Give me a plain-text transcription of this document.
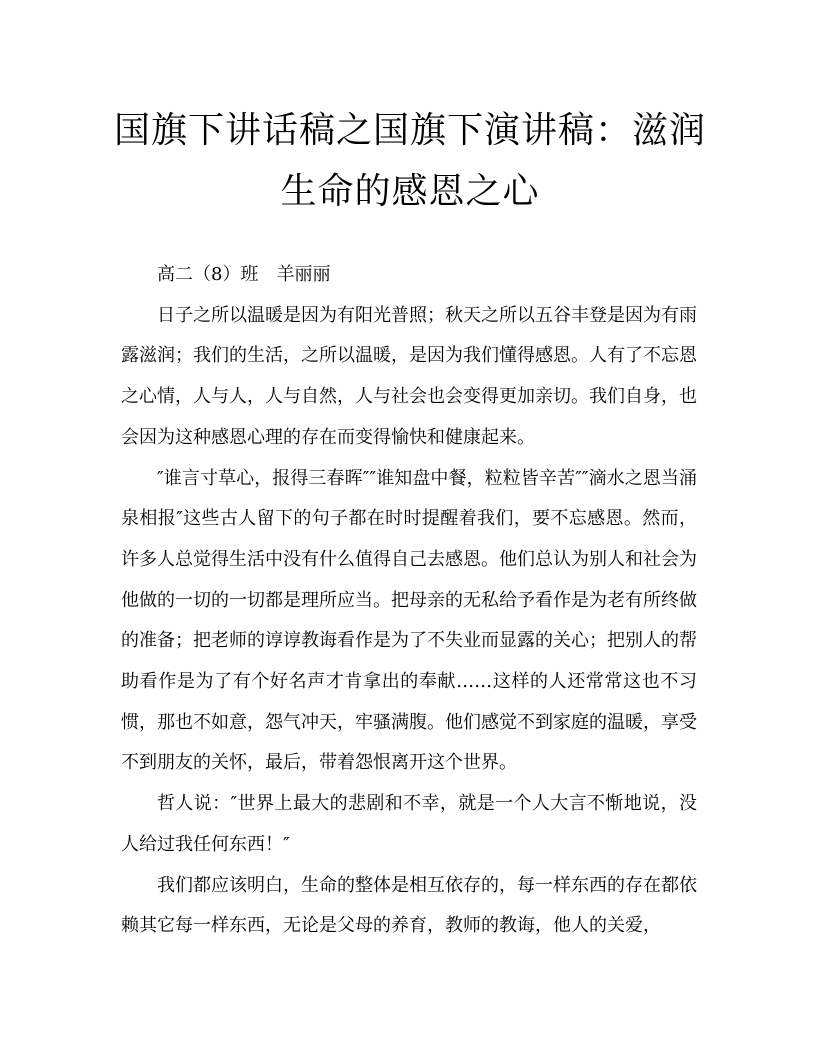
国旗下讲话稿之国旗下演讲稿：滋润生命的感恩之心

高二（8）班　羊丽丽

日子之所以温暖是因为有阳光普照；秋天之所以五谷丰登是因为有雨露滋润；我们的生活，之所以温暖，是因为我们懂得感恩。人有了不忘恩之心情，人与人，人与自然，人与社会也会变得更加亲切。我们自身，也会因为这种感恩心理的存在而变得愉快和健康起来。

″谁言寸草心，报得三春晖″″谁知盘中餐，粒粒皆辛苦″″滴水之恩当涌泉相报″这些古人留下的句子都在时时提醒着我们，要不忘感恩。然而，许多人总觉得生活中没有什么值得自己去感恩。他们总认为别人和社会为他做的一切的一切都是理所应当。把母亲的无私给予看作是为老有所终做的准备；把老师的谆谆教诲看作是为了不失业而显露的关心；把别人的帮助看作是为了有个好名声才肯拿出的奉献……这样的人还常常这也不习惯，那也不如意，怨气冲天，牢骚满腹。他们感觉不到家庭的温暖，享受不到朋友的关怀，最后，带着怨恨离开这个世界。

哲人说：″世界上最大的悲剧和不幸，就是一个人大言不惭地说，没人给过我任何东西！″

我们都应该明白，生命的整体是相互依存的，每一样东西的存在都依赖其它每一样东西，无论是父母的养育，教师的教诲，他人的关爱，
